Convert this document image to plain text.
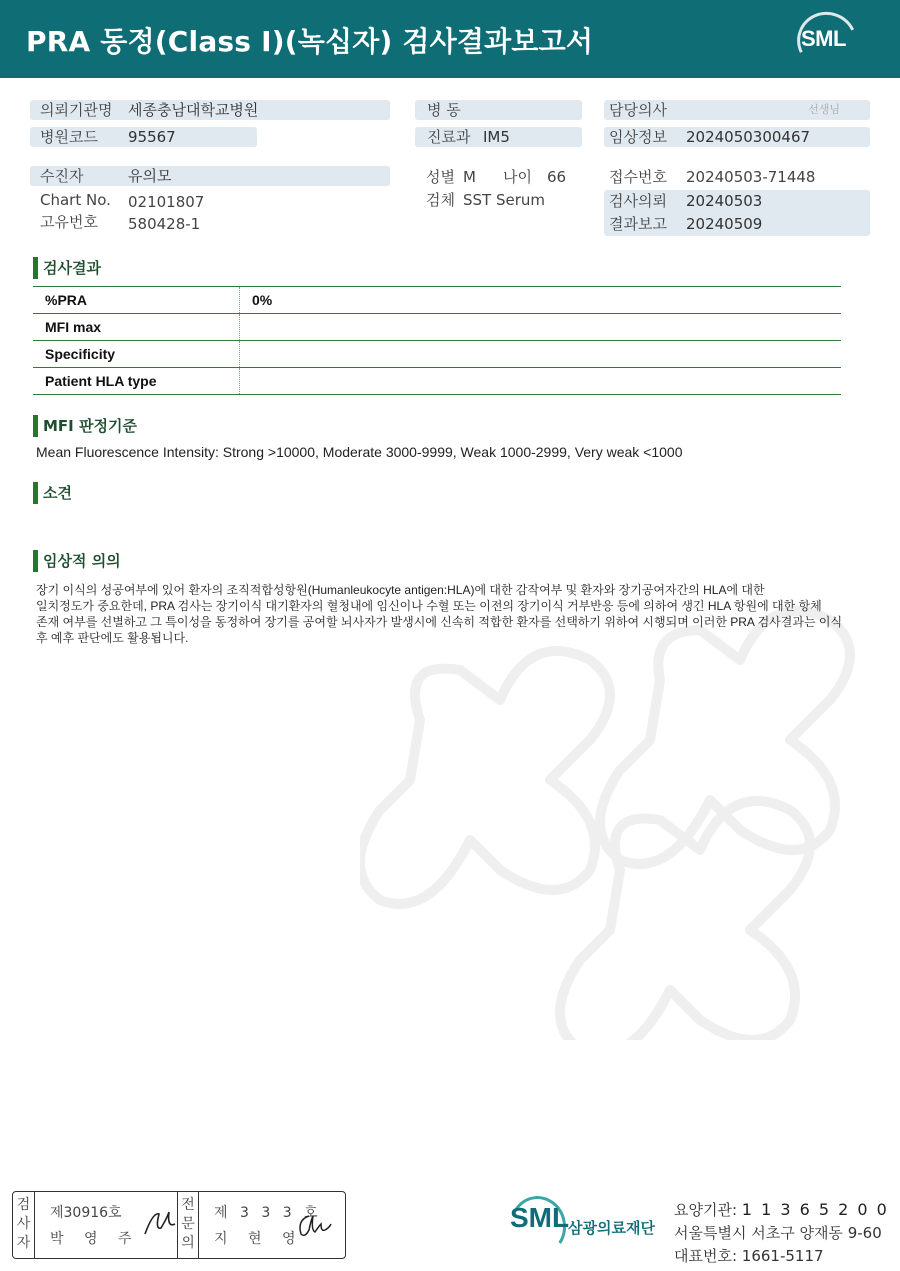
PRA 동정(Class I)(녹십자) 검사결과보고서	SML
의뢰기관명 세종충남대학교병원
병원코드 95567
병 동
진료과 IM5
담당의사	선생님
임상정보 2024050300467
수진자	유의모
Chart No. 02101807
고유번호 580428-1
성별 M 나이 66
검체 SST Serum
접수번호 20240503-71448
검사의뢰 20240503
결과보고 20240509
검사결과
%PRA	0%
MFI max	
Specificity	
Patient HLA type	
MFI 판정기준
Mean Fluorescence Intensity: Strong >10000, Moderate 3000-9999, Weak 1000-2999, Very weak <1000
소견
임상적 의의
장기 이식의 성공여부에 있어 환자의 조직적합성항원(Humanleukocyte antigen:HLA)에 대한 감작여부 및 환자와 장기공여자간의 HLA에 대한
일치정도가 중요한데, PRA 검사는 장기이식 대기환자의 혈청내에 임신이나 수혈 또는 이전의 장기이식 거부반응 등에 의하여 생긴 HLA 항원에 대한 항체
존재 여부를 선별하고 그 특이성을 동정하여 장기를 공여할 뇌사자가 발생시에 신속히 적합한 환자를 선택하기 위하여 시행되며 이러한 PRA 검사결과는 이식
후 예후 판단에도 활용됩니다.
검
사
자
제30916호
박 영 주
전
문
의
제 3 3 3 호
지 현 영
SML
삼광의료재단
요양기관: 1 1 3 6 5 2 0 0
서울특별시 서초구 양재동 9-60
대표번호: 1661-5117
